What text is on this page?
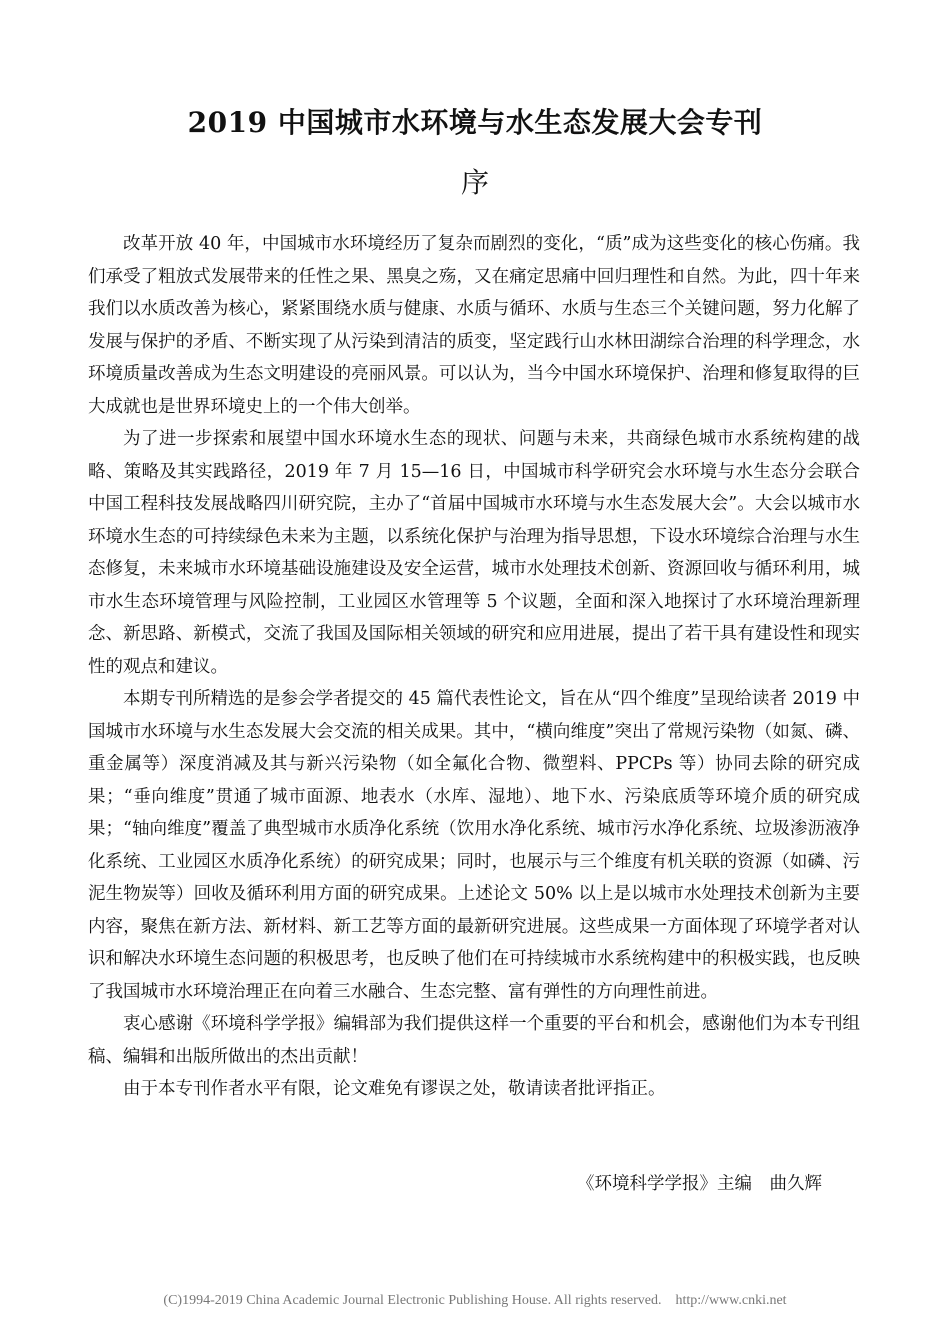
2019 中国城市水环境与水生态发展大会专刊
序

改革开放 40 年，中国城市水环境经历了复杂而剧烈的变化，“质”成为这些变化的核心伤痛。我们承受了粗放式发展带来的任性之果、黑臭之殇，又在痛定思痛中回归理性和自然。为此，四十年来我们以水质改善为核心，紧紧围绕水质与健康、水质与循环、水质与生态三个关键问题，努力化解了发展与保护的矛盾、不断实现了从污染到清洁的质变，坚定践行山水林田湖综合治理的科学理念，水环境质量改善成为生态文明建设的亮丽风景。可以认为，当今中国水环境保护、治理和修复取得的巨大成就也是世界环境史上的一个伟大创举。

为了进一步探索和展望中国水环境水生态的现状、问题与未来，共商绿色城市水系统构建的战略、策略及其实践路径，2019 年 7 月 15—16 日，中国城市科学研究会水环境与水生态分会联合中国工程科技发展战略四川研究院，主办了“首届中国城市水环境与水生态发展大会”。大会以城市水环境水生态的可持续绿色未来为主题，以系统化保护与治理为指导思想，下设水环境综合治理与水生态修复，未来城市水环境基础设施建设及安全运营，城市水处理技术创新、资源回收与循环利用，城市水生态环境管理与风险控制，工业园区水管理等 5 个议题，全面和深入地探讨了水环境治理新理念、新思路、新模式，交流了我国及国际相关领域的研究和应用进展，提出了若干具有建设性和现实性的观点和建议。

本期专刊所精选的是参会学者提交的 45 篇代表性论文，旨在从“四个维度”呈现给读者 2019 中国城市水环境与水生态发展大会交流的相关成果。其中，“横向维度”突出了常规污染物（如氮、磷、重金属等）深度消减及其与新兴污染物（如全氟化合物、微塑料、PPCPs 等）协同去除的研究成果；“垂向维度”贯通了城市面源、地表水（水库、湿地）、地下水、污染底质等环境介质的研究成果；“轴向维度”覆盖了典型城市水质净化系统（饮用水净化系统、城市污水净化系统、垃圾渗沥液净化系统、工业园区水质净化系统）的研究成果；同时，也展示与三个维度有机关联的资源（如磷、污泥生物炭等）回收及循环利用方面的研究成果。上述论文 50% 以上是以城市水处理技术创新为主要内容，聚焦在新方法、新材料、新工艺等方面的最新研究进展。这些成果一方面体现了环境学者对认识和解决水环境生态问题的积极思考，也反映了他们在可持续城市水系统构建中的积极实践，也反映了我国城市水环境治理正在向着三水融合、生态完整、富有弹性的方向理性前进。

衷心感谢《环境科学学报》编辑部为我们提供这样一个重要的平台和机会，感谢他们为本专刊组稿、编辑和出版所做出的杰出贡献！

由于本专刊作者水平有限，论文难免有谬误之处，敬请读者批评指正。

《环境科学学报》主编　曲久辉
(C)1994-2019 China Academic Journal Electronic Publishing House. All rights reserved.    http://www.cnki.net
